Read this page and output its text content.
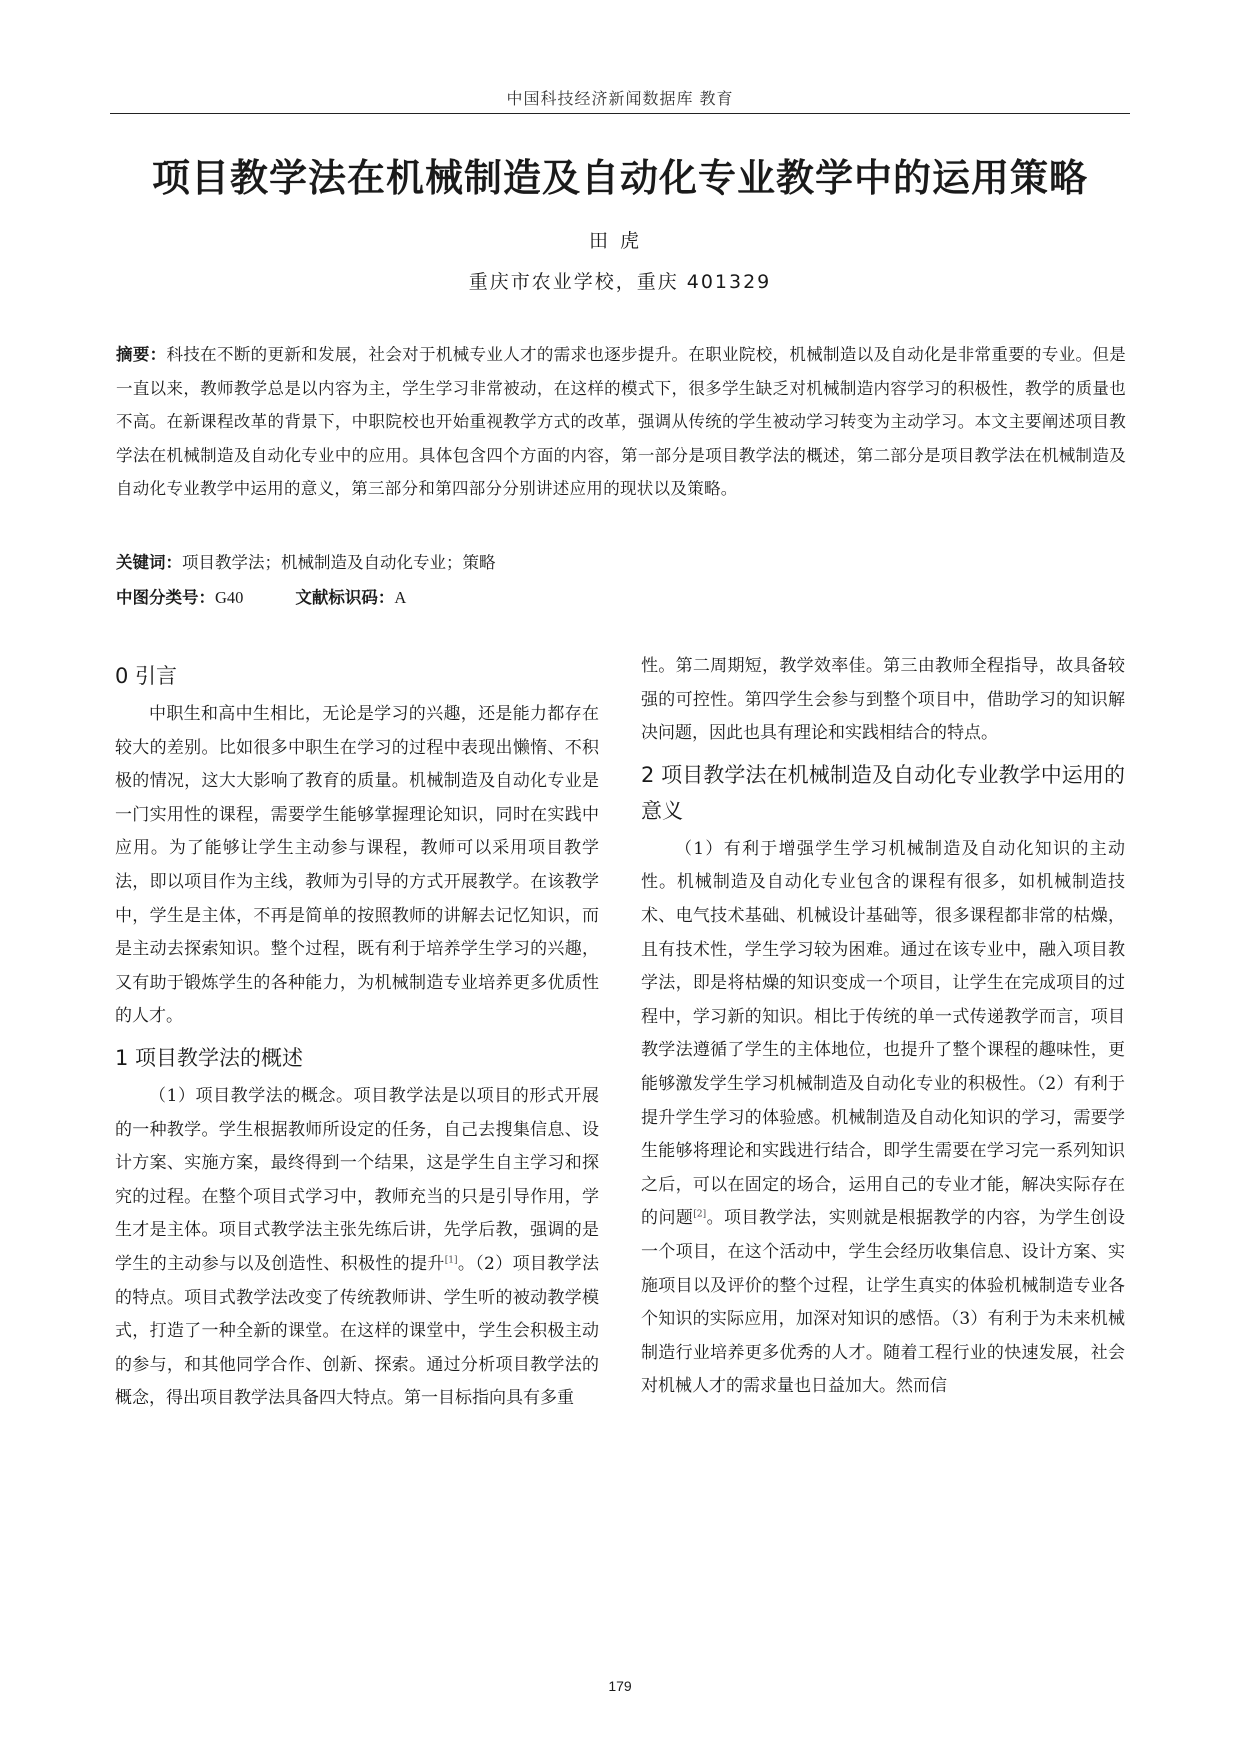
中国科技经济新闻数据库 教育
项目教学法在机械制造及自动化专业教学中的运用策略
田虎
重庆市农业学校，重庆 401329
摘要：科技在不断的更新和发展，社会对于机械专业人才的需求也逐步提升。在职业院校，机械制造以及自动化是非常重要的专业。但是一直以来，教师教学总是以内容为主，学生学习非常被动，在这样的模式下，很多学生缺乏对机械制造内容学习的积极性，教学的质量也不高。在新课程改革的背景下，中职院校也开始重视教学方式的改革，强调从传统的学生被动学习转变为主动学习。本文主要阐述项目教学法在机械制造及自动化专业中的应用。具体包含四个方面的内容，第一部分是项目教学法的概述，第二部分是项目教学法在机械制造及自动化专业教学中运用的意义，第三部分和第四部分分别讲述应用的现状以及策略。
关键词：项目教学法；机械制造及自动化专业；策略
中图分类号：G40	文献标识码：A
0 引言

中职生和高中生相比，无论是学习的兴趣，还是能力都存在较大的差别。比如很多中职生在学习的过程中表现出懒惰、不积极的情况，这大大影响了教育的质量。机械制造及自动化专业是一门实用性的课程，需要学生能够掌握理论知识，同时在实践中应用。为了能够让学生主动参与课程，教师可以采用项目教学法，即以项目作为主线，教师为引导的方式开展教学。在该教学中，学生是主体，不再是简单的按照教师的讲解去记忆知识，而是主动去探索知识。整个过程，既有利于培养学生学习的兴趣，又有助于锻炼学生的各种能力，为机械制造专业培养更多优质性的人才。

1 项目教学法的概述

（1）项目教学法的概念。项目教学法是以项目的形式开展的一种教学。学生根据教师所设定的任务，自己去搜集信息、设计方案、实施方案，最终得到一个结果，这是学生自主学习和探究的过程。在整个项目式学习中，教师充当的只是引导作用，学生才是主体。项目式教学法主张先练后讲，先学后教，强调的是学生的主动参与以及创造性、积极性的提升[1]。（2）项目教学法的特点。项目式教学法改变了传统教师讲、学生听的被动教学模式，打造了一种全新的课堂。在这样的课堂中，学生会积极主动的参与，和其他同学合作、创新、探索。通过分析项目教学法的概念，得出项目教学法具备四大特点。第一目标指向具有多重

性。第二周期短，教学效率佳。第三由教师全程指导，故具备较强的可控性。第四学生会参与到整个项目中，借助学习的知识解决问题，因此也具有理论和实践相结合的特点。

2 项目教学法在机械制造及自动化专业教学中运用的意义

（1）有利于增强学生学习机械制造及自动化知识的主动性。机械制造及自动化专业包含的课程有很多，如机械制造技术、电气技术基础、机械设计基础等，很多课程都非常的枯燥，且有技术性，学生学习较为困难。通过在该专业中，融入项目教学法，即是将枯燥的知识变成一个项目，让学生在完成项目的过程中，学习新的知识。相比于传统的单一式传递教学而言，项目教学法遵循了学生的主体地位，也提升了整个课程的趣味性，更能够激发学生学习机械制造及自动化专业的积极性。（2）有利于提升学生学习的体验感。机械制造及自动化知识的学习，需要学生能够将理论和实践进行结合，即学生需要在学习完一系列知识之后，可以在固定的场合，运用自己的专业才能，解决实际存在的问题[2]。项目教学法，实则就是根据教学的内容，为学生创设一个项目，在这个活动中，学生会经历收集信息、设计方案、实施项目以及评价的整个过程，让学生真实的体验机械制造专业各个知识的实际应用，加深对知识的感悟。（3）有利于为未来机械制造行业培养更多优秀的人才。随着工程行业的快速发展，社会对机械人才的需求量也日益加大。然而信

179
